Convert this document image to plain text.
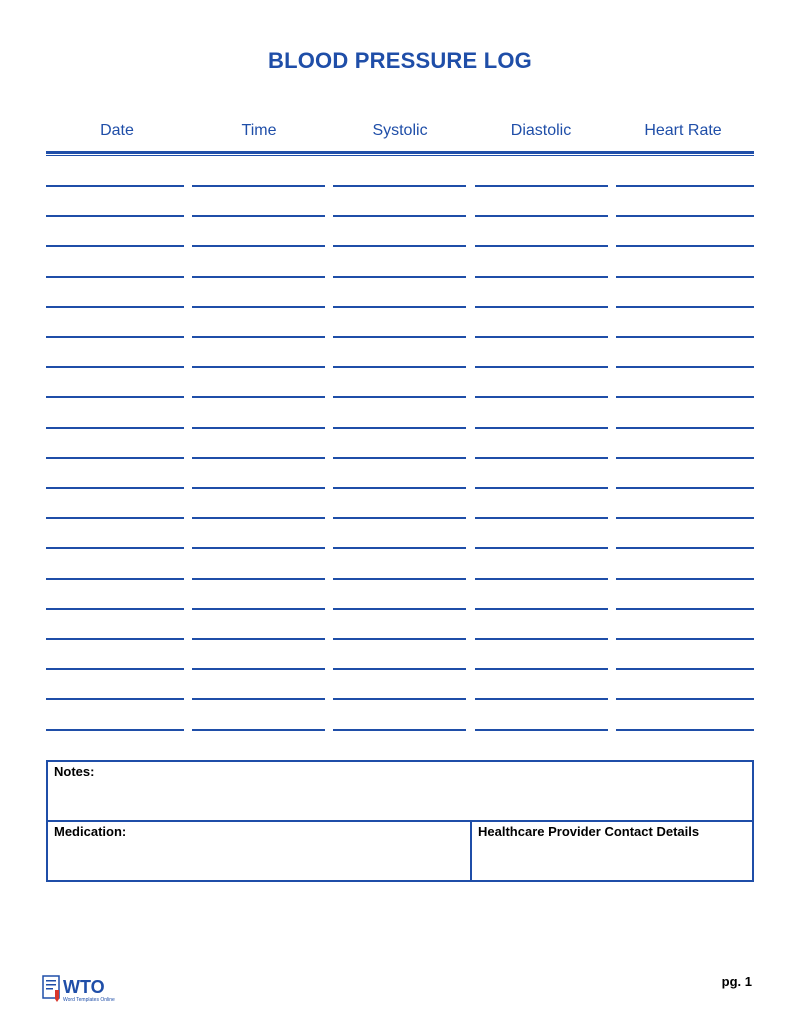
BLOOD PRESSURE LOG
Date	Time	Systolic	Diastolic	Heart Rate
Notes:
Medication:	Healthcare Provider Contact Details
WTO
Word Templates Online
pg. 1
